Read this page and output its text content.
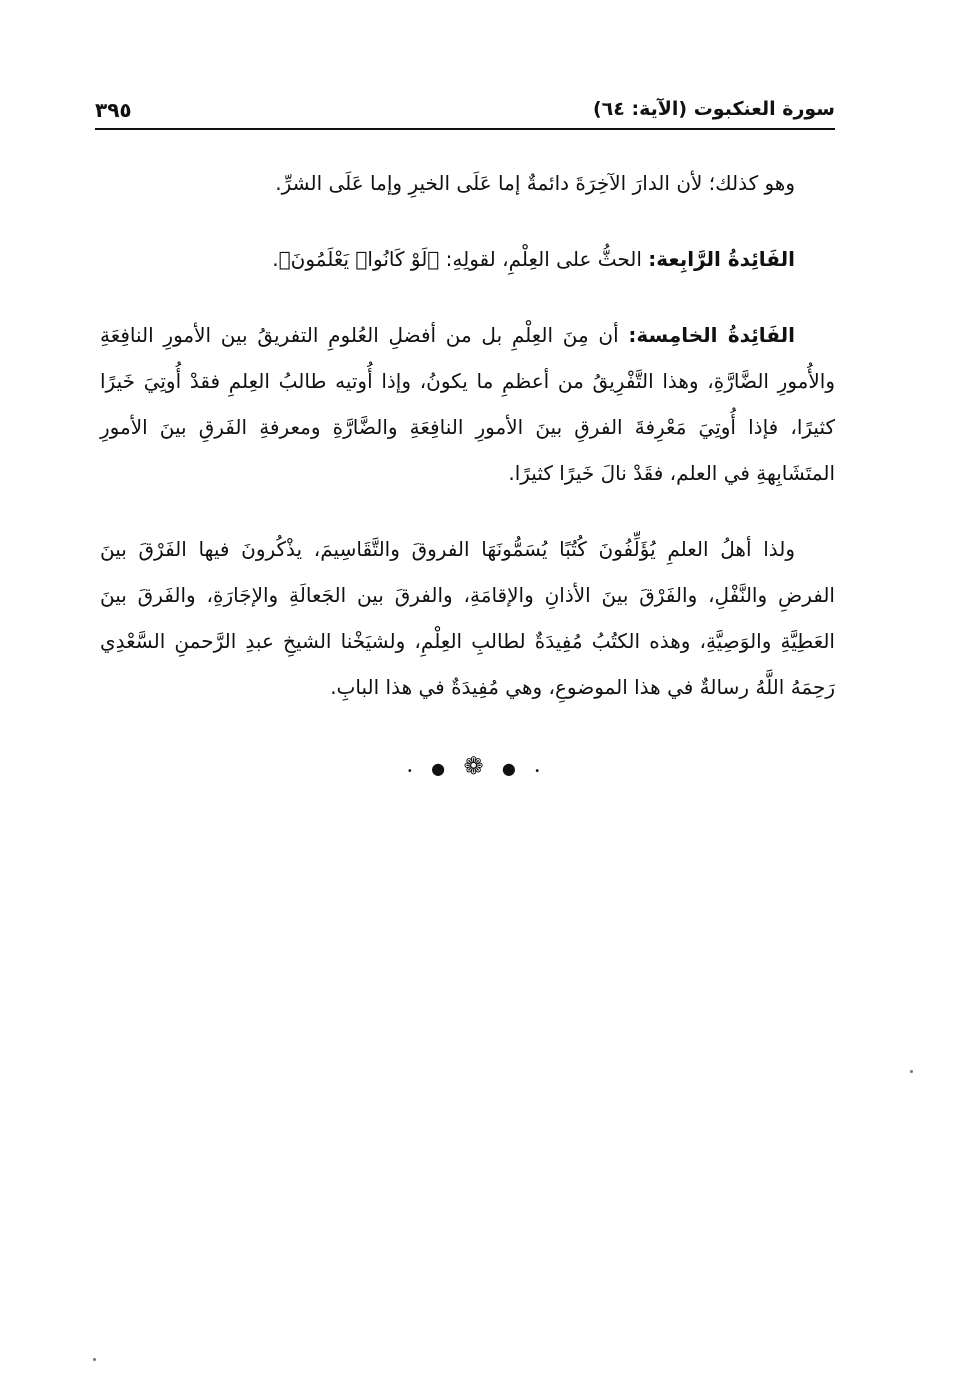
سورة العنكبوت (الآية: ٦٤)
٣٩٥

وهو كذلك؛ لأن الدارَ الآخِرَةَ دائمةٌ إما عَلَى الخيرِ وإما عَلَى الشرِّ.

الفَائِدةُ الرَّابِعة: الحثُّ على العِلْمِ، لقولِهِ: ﴿لَوْ كَانُوا۟ يَعْلَمُونَ﴾.

الفَائِدةُ الخامِسة: أن مِنَ العِلْمِ بل من أفضلِ العُلومِ التفريقُ بين الأمورِ النافِعَةِ والأُمورِ الضَّارَّةِ، وهذا التَّفْرِيقُ من أعظمِ ما يكونُ، وإذا أُوتيه طالبُ العِلمِ فقدْ أُوتِيَ خَيرًا كثيرًا، فإذا أُوتِيَ مَعْرِفةَ الفرقِ بينَ الأمورِ النافِعَةِ والضَّارَّةِ ومعرفةِ الفَرقِ بينَ الأمورِ المتَشَابِهةِ في العلم، فقَدْ نالَ خَيرًا كثيرًا.

ولذا أهلُ العلمِ يُؤَلِّفُونَ كُتُبًا يُسَمُّونَهَا الفروقَ والتَّقَاسِيمَ، يذْكُرونَ فيها الفَرْقَ بينَ الفرضِ والنَّفْلِ، والفَرْقَ بينَ الأذانِ والإقامَةِ، والفرقَ بين الجَعالَةِ والإجَارَةِ، والفَرقَ بينَ العَطِيَّةِ والوَصِيَّةِ، وهذه الكتُبُ مُفِيدَةٌ لطالبِ العِلْمِ، ولشيَخْنا الشيخِ عبدِ الرَّحمنِ السَّعْدِي رَحِمَهُ اللَّهُ رسالةٌ في هذا الموضوعِ، وهي مُفِيدَةٌ في هذا البابِ.

• ● ❁ ● •
